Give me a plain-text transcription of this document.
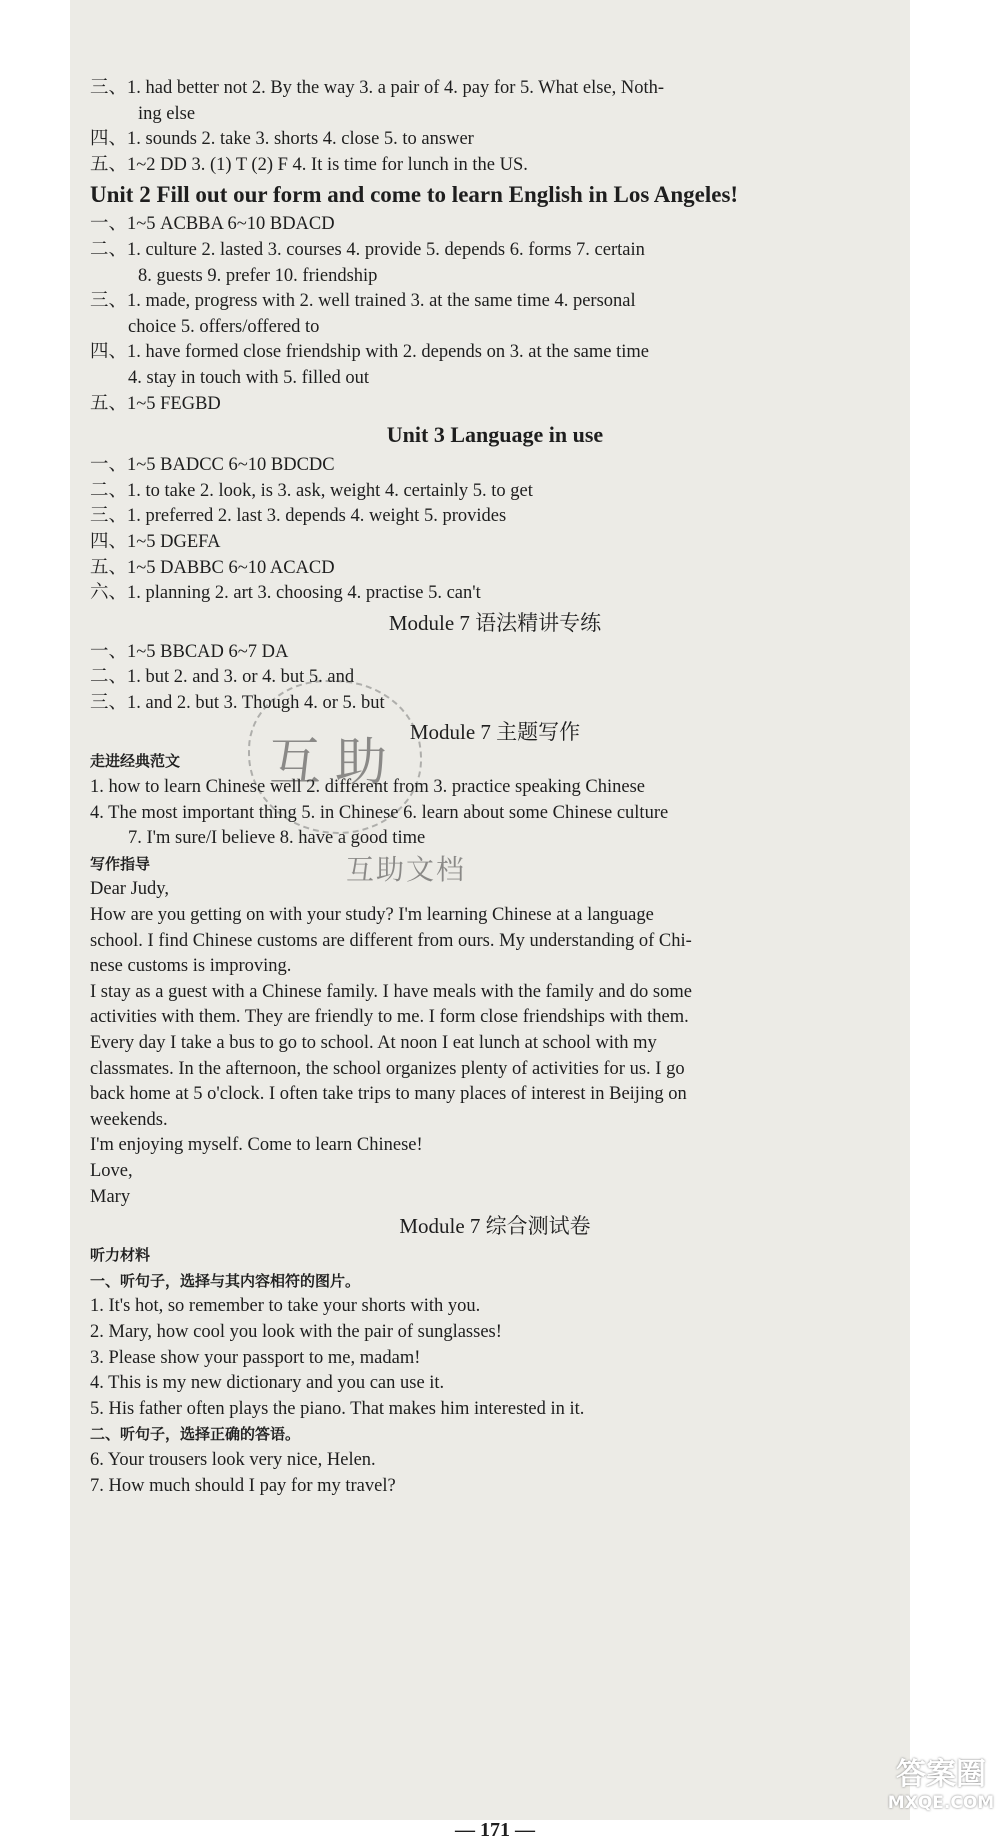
三、1. had better not 2. By the way 3. a pair of 4. pay for 5. What else, Noth-
ing else
四、1. sounds 2. take 3. shorts 4. close 5. to answer
五、1~2 DD 3. (1) T (2) F 4. It is time for lunch in the US.
Unit 2 Fill out our form and come to learn English in Los Angeles!
一、1~5 ACBBA 6~10 BDACD
二、1. culture 2. lasted 3. courses 4. provide 5. depends 6. forms 7. certain
8. guests 9. prefer 10. friendship
三、1. made, progress with 2. well trained 3. at the same time 4. personal
choice 5. offers/offered to
四、1. have formed close friendship with 2. depends on 3. at the same time
4. stay in touch with 5. filled out
五、1~5 FEGBD
Unit 3 Language in use
一、1~5 BADCC 6~10 BDCDC
二、1. to take 2. look, is 3. ask, weight 4. certainly 5. to get
三、1. preferred 2. last 3. depends 4. weight 5. provides
四、1~5 DGEFA
五、1~5 DABBC 6~10 ACACD
六、1. planning 2. art 3. choosing 4. practise 5. can't
Module 7 语法精讲专练
一、1~5 BBCAD 6~7 DA
二、1. but 2. and 3. or 4. but 5. and
三、1. and 2. but 3. Though 4. or 5. but
Module 7 主题写作
走进经典范文
1. how to learn Chinese well 2. different from 3. practice speaking Chinese
4. The most important thing 5. in Chinese 6. learn about some Chinese culture
7. I'm sure/I believe 8. have a good time
写作指导
Dear Judy,
How are you getting on with your study? I'm learning Chinese at a language
school. I find Chinese customs are different from ours. My understanding of Chi-
nese customs is improving.
I stay as a guest with a Chinese family. I have meals with the family and do some
activities with them. They are friendly to me. I form close friendships with them.
Every day I take a bus to go to school. At noon I eat lunch at school with my
classmates. In the afternoon, the school organizes plenty of activities for us. I go
back home at 5 o'clock. I often take trips to many places of interest in Beijing on
weekends.
I'm enjoying myself. Come to learn Chinese!
Love,
Mary
Module 7 综合测试卷
听力材料
一、听句子，选择与其内容相符的图片。
1. It's hot, so remember to take your shorts with you.
2. Mary, how cool you look with the pair of sunglasses!
3. Please show your passport to me, madam!
4. This is my new dictionary and you can use it.
5. His father often plays the piano. That makes him interested in it.
二、听句子，选择正确的答语。
6. Your trousers look very nice, Helen.
7. How much should I pay for my travel?
— 171 —
互助
互助文档
答案圈
MXQE.COM
